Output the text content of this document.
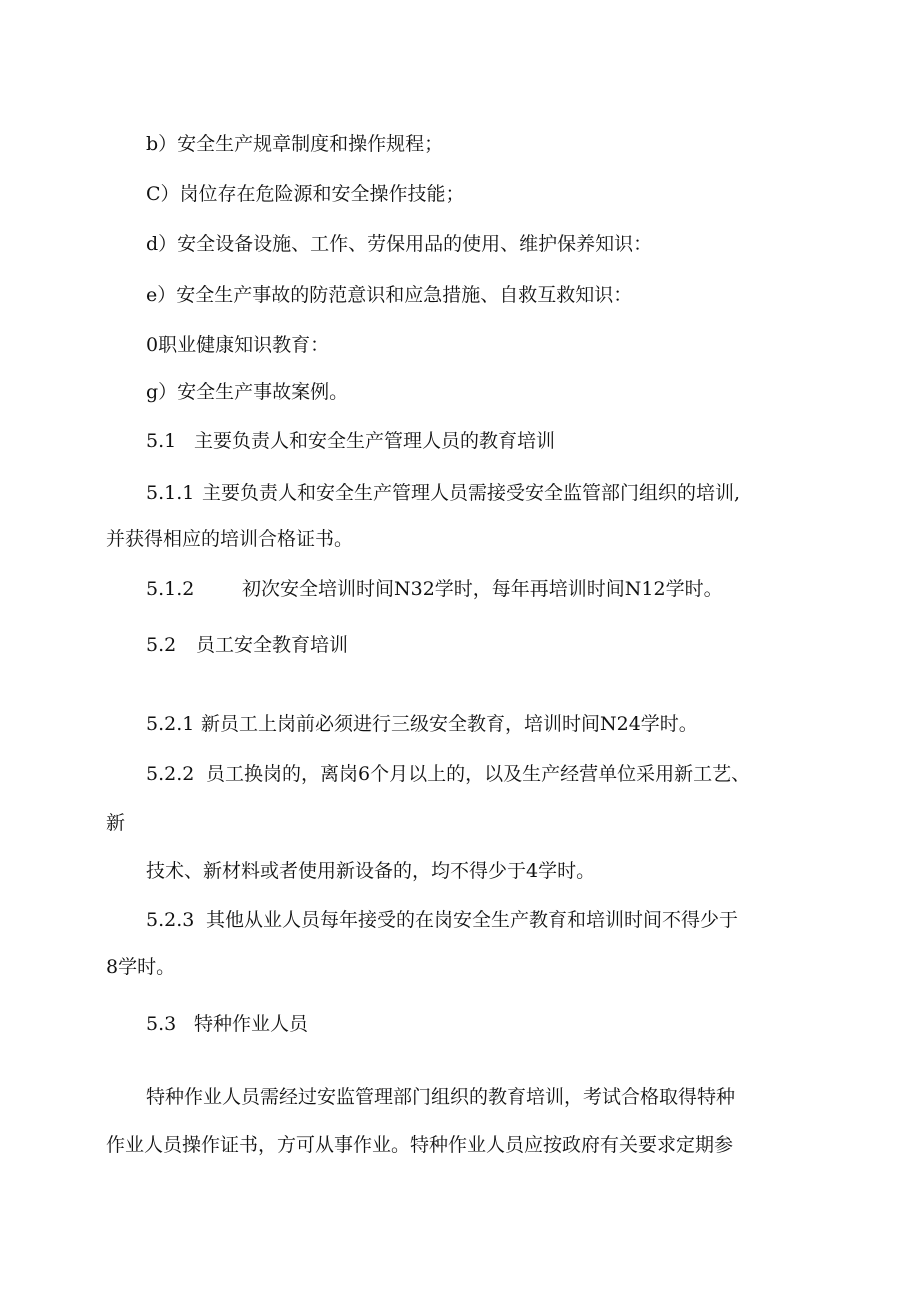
b）安全生产规章制度和操作规程；
C）岗位存在危险源和安全操作技能；
d）安全设备设施、工作、劳保用品的使用、维护保养知识：
e）安全生产事故的防范意识和应急措施、自救互救知识：
0职业健康知识教育：
g）安全生产事故案例。
5.1 主要负责人和安全生产管理人员的教育培训
5.1.1 主要负责人和安全生产管理人员需接受安全监管部门组织的培训,
并获得相应的培训合格证书。
5.1.2	初次安全培训时间N32学时，每年再培训时间N12学时。
5.2 员工安全教育培训
5.2.1 新员工上岗前必须进行三级安全教育，培训时间N24学时。
5.2.2 员工换岗的，离岗6个月以上的，以及生产经营单位采用新工艺、
新
技术、新材料或者使用新设备的，均不得少于4学时。
5.2.3 其他从业人员每年接受的在岗安全生产教育和培训时间不得少于
8学时。
5.3 特种作业人员
特种作业人员需经过安监管理部门组织的教育培训，考试合格取得特种
作业人员操作证书，方可从事作业。特种作业人员应按政府有关要求定期参
